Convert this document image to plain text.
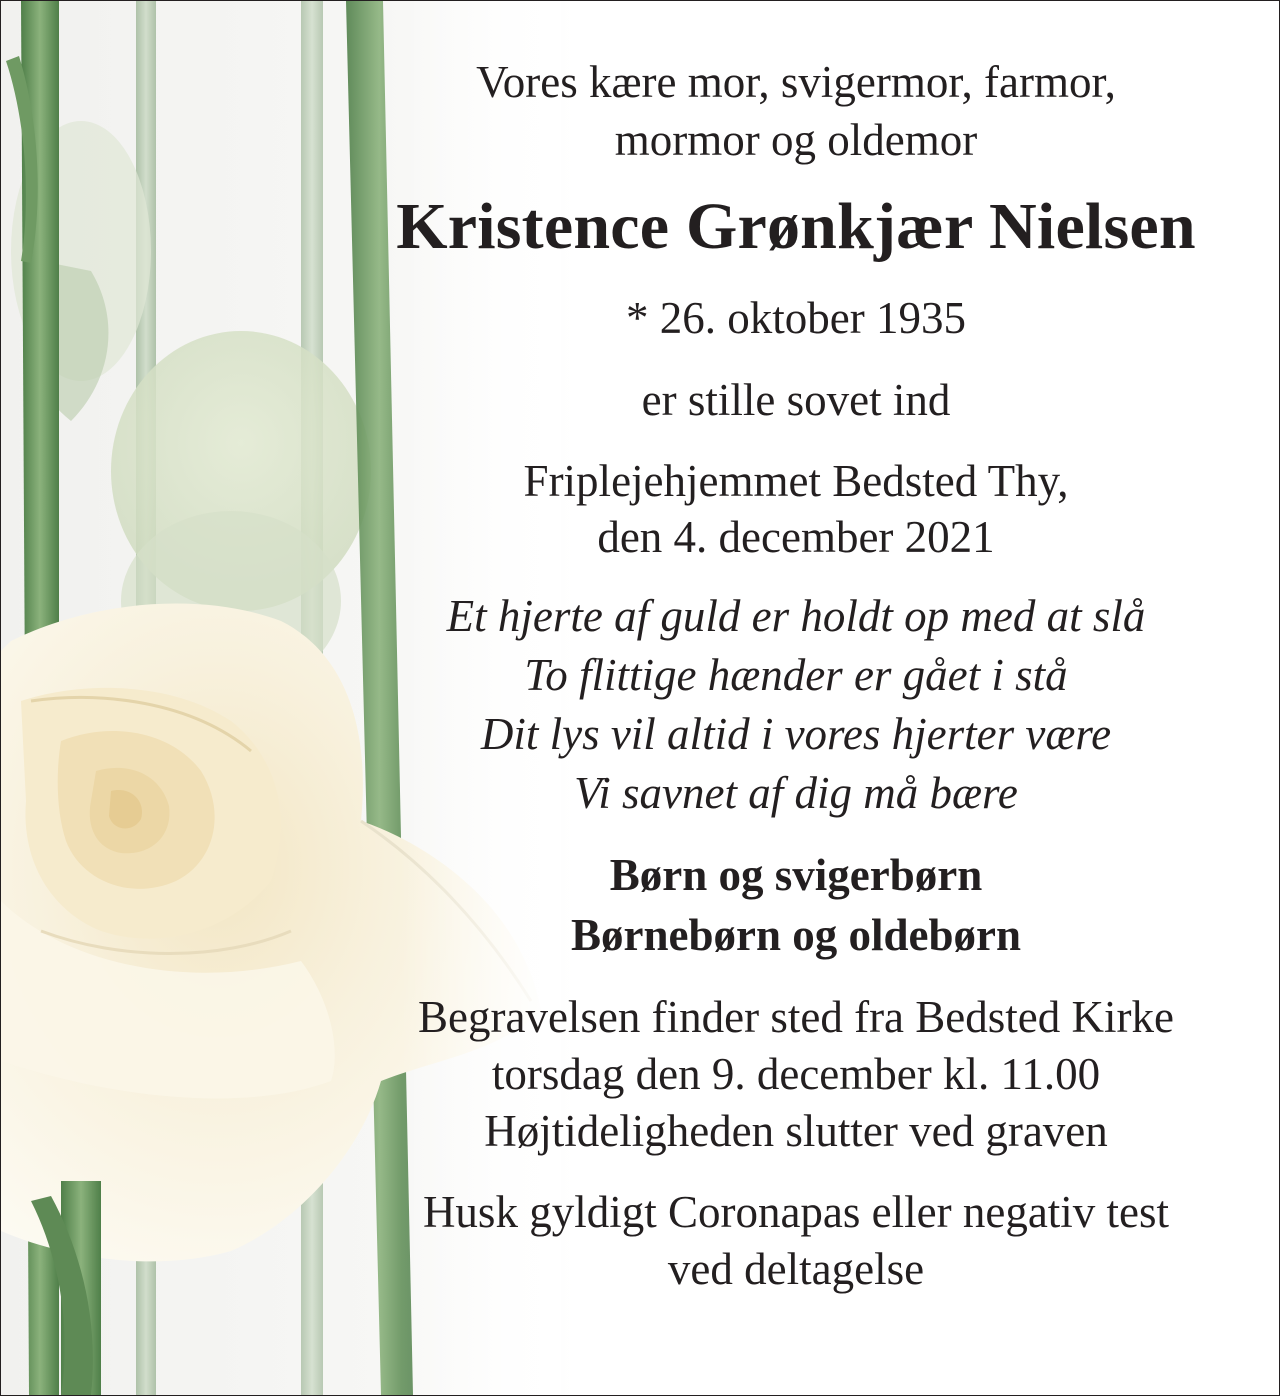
Vores kære mor, svigermor, farmor,
mormor og oldemor

Kristence Grønkjær Nielsen

* 26. oktober 1935

er stille sovet ind

Friplejehjemmet Bedsted Thy,
den 4. december 2021

Et hjerte af guld er holdt op med at slå
To flittige hænder er gået i stå
Dit lys vil altid i vores hjerter være
Vi savnet af dig må bære

Børn og svigerbørn
Børnebørn og oldebørn

Begravelsen finder sted fra Bedsted Kirke
torsdag den 9. december kl. 11.00
Højtideligheden slutter ved graven

Husk gyldigt Coronapas eller negativ test
ved deltagelse
